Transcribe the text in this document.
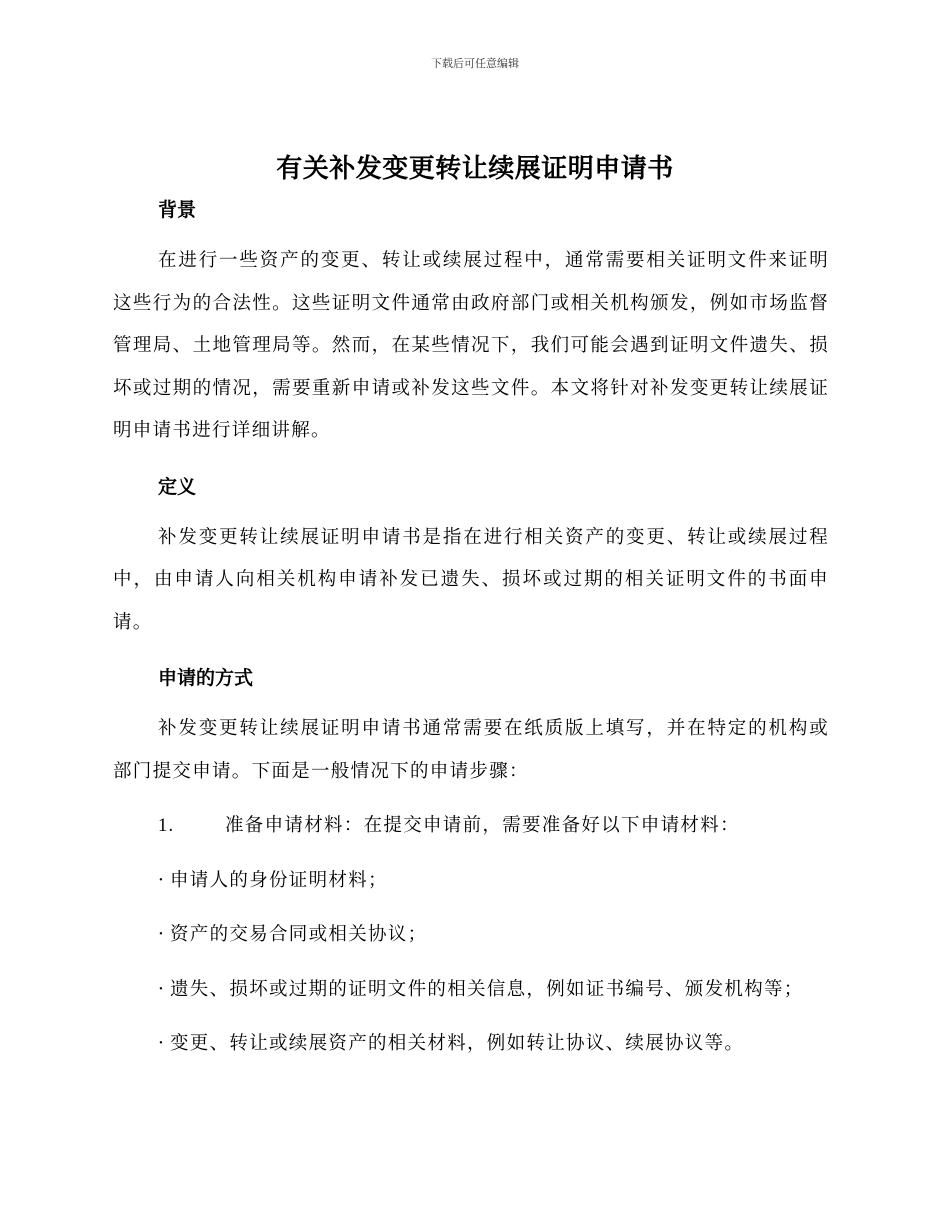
下载后可任意编辑
有关补发变更转让续展证明申请书
背景

在进行一些资产的变更、转让或续展过程中，通常需要相关证明文件来证明这些行为的合法性。这些证明文件通常由政府部门或相关机构颁发，例如市场监督管理局、土地管理局等。然而，在某些情况下，我们可能会遇到证明文件遗失、损坏或过期的情况，需要重新申请或补发这些文件。本文将针对补发变更转让续展证明申请书进行详细讲解。

定义

补发变更转让续展证明申请书是指在进行相关资产的变更、转让或续展过程中，由申请人向相关机构申请补发已遗失、损坏或过期的相关证明文件的书面申请。

申请的方式

补发变更转让续展证明申请书通常需要在纸质版上填写，并在特定的机构或部门提交申请。下面是一般情况下的申请步骤：

1.	准备申请材料：在提交申请前，需要准备好以下申请材料：

· 申请人的身份证明材料；

· 资产的交易合同或相关协议；

· 遗失、损坏或过期的证明文件的相关信息，例如证书编号、颁发机构等；

· 变更、转让或续展资产的相关材料，例如转让协议、续展协议等。
